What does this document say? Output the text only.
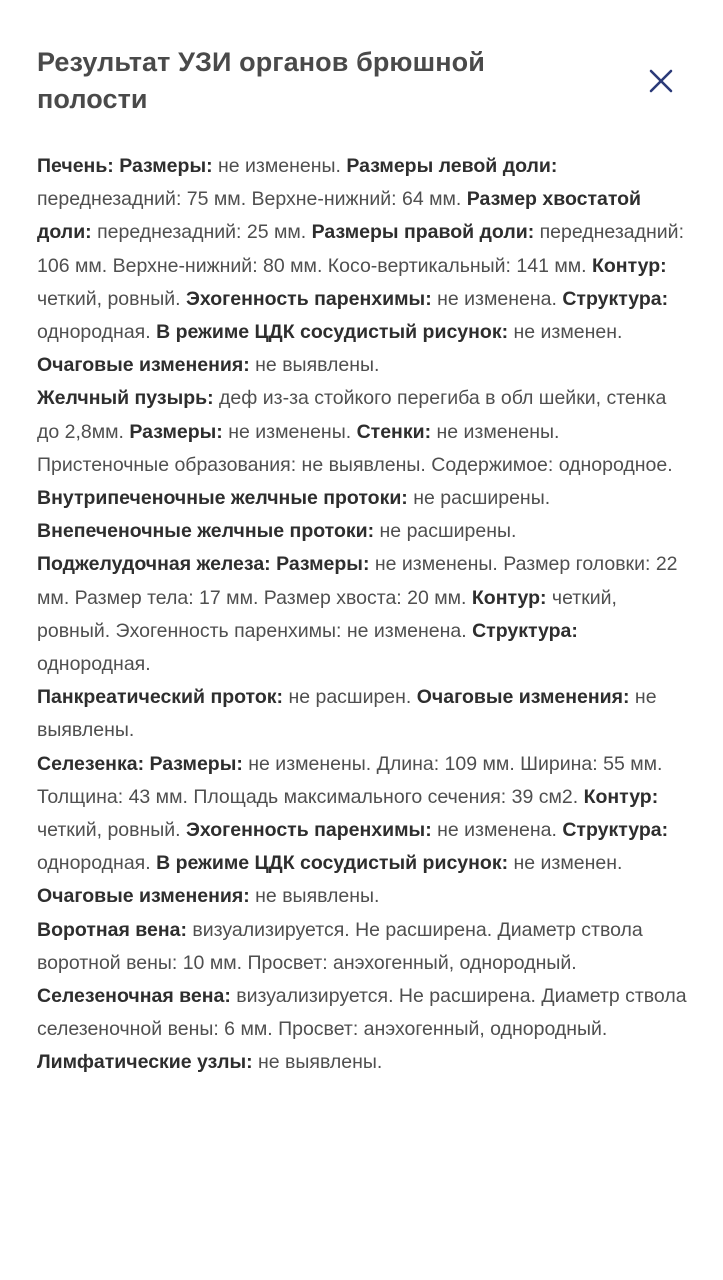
Результат УЗИ органов брюшной полости

Печень: Размеры: не изменены. Размеры левой доли: переднезадний: 75 мм. Верхне-нижний: 64 мм. Размер хвостатой доли: переднезадний: 25 мм. Размеры правой доли: переднезадний: 106 мм. Верхне-нижний: 80 мм. Косо-вертикальный: 141 мм. Контур: четкий, ровный. Эхогенность паренхимы: не изменена. Структура: однородная. В режиме ЦДК сосудистый рисунок: не изменен. Очаговые изменения: не выявлены.

Желчный пузырь: деф из-за стойкого перегиба в обл шейки, стенка до 2,8мм. Размеры: не изменены. Стенки: не изменены. Пристеночные образования: не выявлены. Содержимое: однородное.

Внутрипеченочные желчные протоки: не расширены.

Внепеченочные желчные протоки: не расширены.

Поджелудочная железа: Размеры: не изменены. Размер головки: 22 мм. Размер тела: 17 мм. Размер хвоста: 20 мм. Контур: четкий, ровный. Эхогенность паренхимы: не изменена. Структура: однородная.

Панкреатический проток: не расширен. Очаговые изменения: не выявлены.

Селезенка: Размеры: не изменены. Длина: 109 мм. Ширина: 55 мм. Толщина: 43 мм. Площадь максимального сечения: 39 см2. Контур: четкий, ровный. Эхогенность паренхимы: не изменена. Структура: однородная. В режиме ЦДК сосудистый рисунок: не изменен. Очаговые изменения: не выявлены.

Воротная вена: визуализируется. Не расширена. Диаметр ствола воротной вены: 10 мм. Просвет: анэхогенный, однородный.

Селезеночная вена: визуализируется. Не расширена. Диаметр ствола селезеночной вены: 6 мм. Просвет: анэхогенный, однородный.

Лимфатические узлы: не выявлены.
